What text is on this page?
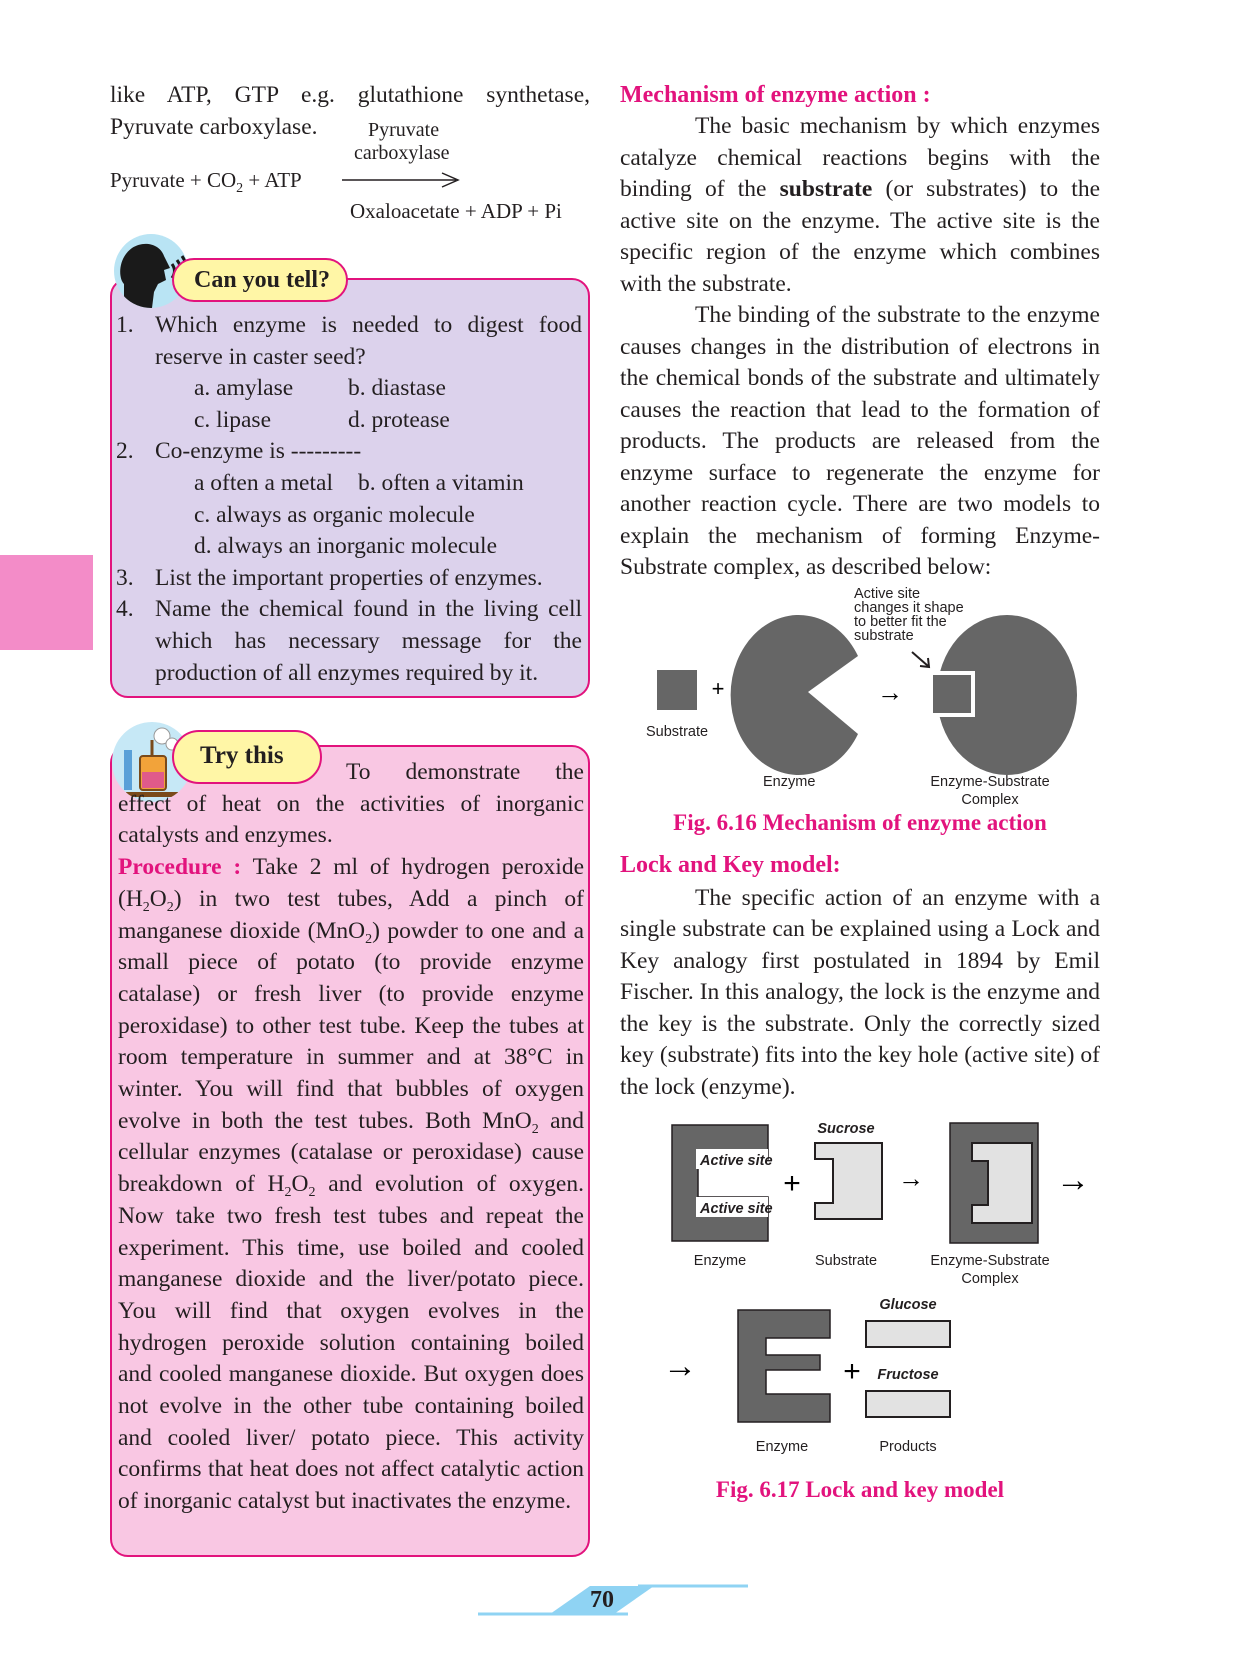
like ATP, GTP e.g. glutathione synthetase,

Pyruvate carboxylase.	Pyruvate
carboxylase
Pyruvate + $CO_2$ + ATP
Oxaloacetate + ADP + Pi
Can you tell?
1. Which enzyme is needed to digest food reserve in caster seed?
a. amylase	b. diastase
c. lipase	d. protease
2. Co-enzyme is ---------
a often a metal	b. often a vitamin
c. always as organic molecule
d. always an inorganic molecule
3. List the important properties of enzymes.
4. Name the chemical found in the living cell which has necessary message for the production of all enzymes required by it.
Try this
To demonstrate the
effect of heat on the activities of inorganic catalysts and enzymes.
Procedure : Take 2 ml of hydrogen peroxide $(H_2O_2)$ in two test tubes, Add a pinch of manganese dioxide (MnO$_2$) powder to one and a small piece of potato (to provide enzyme catalase) or fresh liver (to provide enzyme peroxidase) to other test tube. Keep the tubes at room temperature in summer and at 38°C in winter. You will find that bubbles of oxygen evolve in both the test tubes. Both MnO$_2$ and cellular enzymes (catalase or peroxidase) cause breakdown of $H_2O_2$ and evolution of oxygen. Now take two fresh test tubes and repeat the experiment. This time, use boiled and cooled manganese dioxide and the liver/potato piece. You will find that oxygen evolves in the hydrogen peroxide solution containing boiled and cooled manganese dioxide. But oxygen does not evolve in the other tube containing boiled and cooled liver/ potato piece. This activity confirms that heat does not affect catalytic action of inorganic catalyst but inactivates the enzyme.

Mechanism of enzyme action :

The basic mechanism by which enzymes catalyze chemical reactions begins with the binding of the substrate (or substrates) to the active site on the enzyme. The active site is the specific region of the enzyme which combines with the substrate.

The binding of the substrate to the enzyme causes changes in the distribution of electrons in the chemical bonds of the substrate and ultimately causes the reaction that lead to the formation of products. The products are released from the enzyme surface to regenerate the enzyme for another reaction cycle. There are two models to explain the mechanism of forming Enzyme-Substrate complex, as described below:

+	→
Active site
changes it shape
to better fit the
substrate
Substrate
Enzyme	Enzyme-Substrate
Complex
Fig. 6.16 Mechanism of enzyme action

Lock and Key model:

The specific action of an enzyme with a single substrate can be explained using a Lock and Key analogy first postulated in 1894 by Emil Fischer. In this analogy, the lock is the enzyme and the key is the substrate. Only the correctly sized key (substrate) fits into the key hole (active site) of the lock (enzyme).

Active site
Active site
+
Sucrose
→	→
Enzyme	Substrate	Enzyme-Substrate
Complex
→	+
Glucose
Fructose
Enzyme	Products
Fig. 6.17 Lock and key model
70
